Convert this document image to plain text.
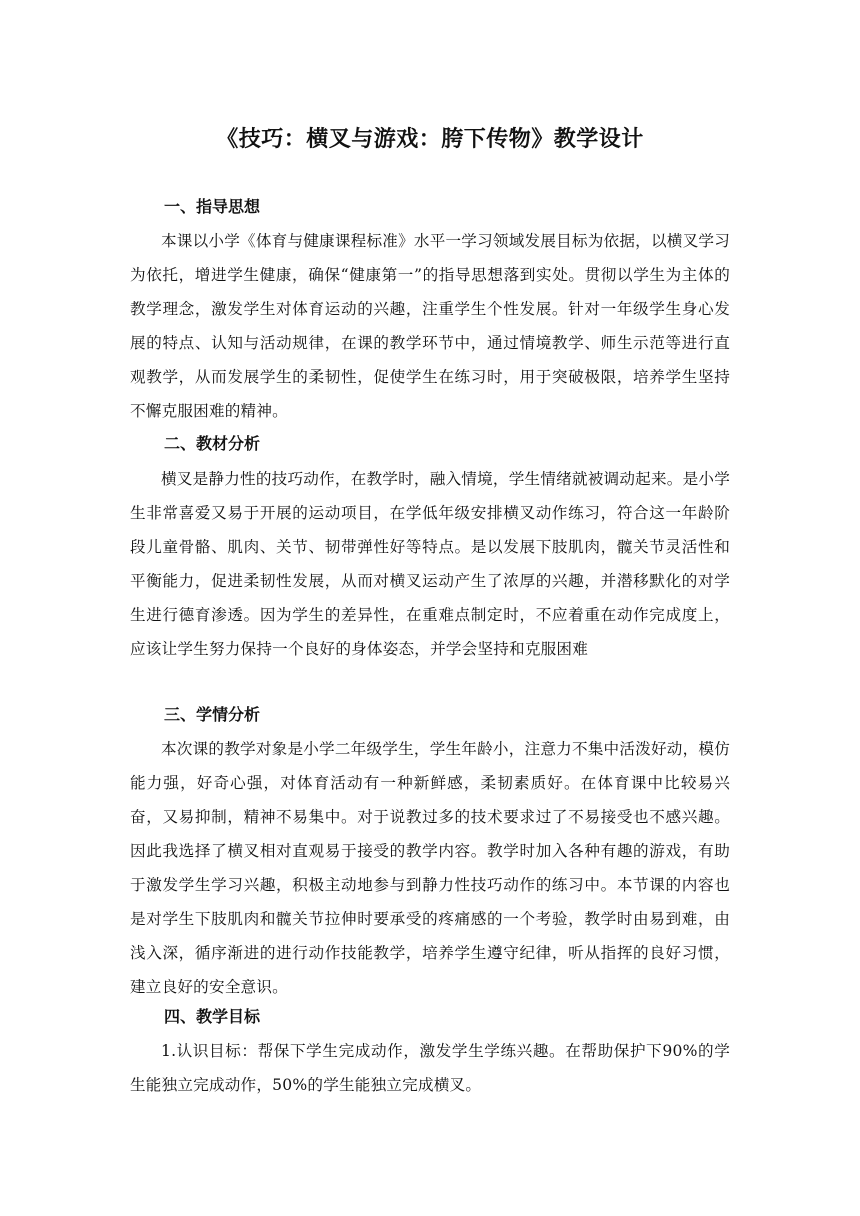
《技巧：横叉与游戏：胯下传物》教学设计
一、指导思想
本课以小学《体育与健康课程标准》水平一学习领域发展目标为依据，以横叉学习为依托，增进学生健康，确保“健康第一”的指导思想落到实处。贯彻以学生为主体的教学理念，激发学生对体育运动的兴趣，注重学生个性发展。针对一年级学生身心发展的特点、认知与活动规律，在课的教学环节中，通过情境教学、师生示范等进行直观教学，从而发展学生的柔韧性，促使学生在练习时，用于突破极限，培养学生坚持不懈克服困难的精神。
二、教材分析
横叉是静力性的技巧动作，在教学时，融入情境，学生情绪就被调动起来。是小学生非常喜爱又易于开展的运动项目，在学低年级安排横叉动作练习，符合这一年龄阶段儿童骨骼、肌肉、关节、韧带弹性好等特点。是以发展下肢肌肉，髋关节灵活性和平衡能力，促进柔韧性发展，从而对横叉运动产生了浓厚的兴趣，并潜移默化的对学生进行德育渗透。因为学生的差异性，在重难点制定时，不应着重在动作完成度上，应该让学生努力保持一个良好的身体姿态，并学会坚持和克服困难
三、学情分析
本次课的教学对象是小学二年级学生，学生年龄小，注意力不集中活泼好动，模仿能力强，好奇心强，对体育活动有一种新鲜感，柔韧素质好。在体育课中比较易兴奋，又易抑制，精神不易集中。对于说教过多的技术要求过了不易接受也不感兴趣。因此我选择了横叉相对直观易于接受的教学内容。教学时加入各种有趣的游戏，有助于激发学生学习兴趣，积极主动地参与到静力性技巧动作的练习中。本节课的内容也是对学生下肢肌肉和髋关节拉伸时要承受的疼痛感的一个考验，教学时由易到难，由浅入深，循序渐进的进行动作技能教学，培养学生遵守纪律，听从指挥的良好习惯，建立良好的安全意识。
四、教学目标
1.认识目标：帮保下学生完成动作，激发学生学练兴趣。在帮助保护下90%的学生能独立完成动作，50%的学生能独立完成横叉。
